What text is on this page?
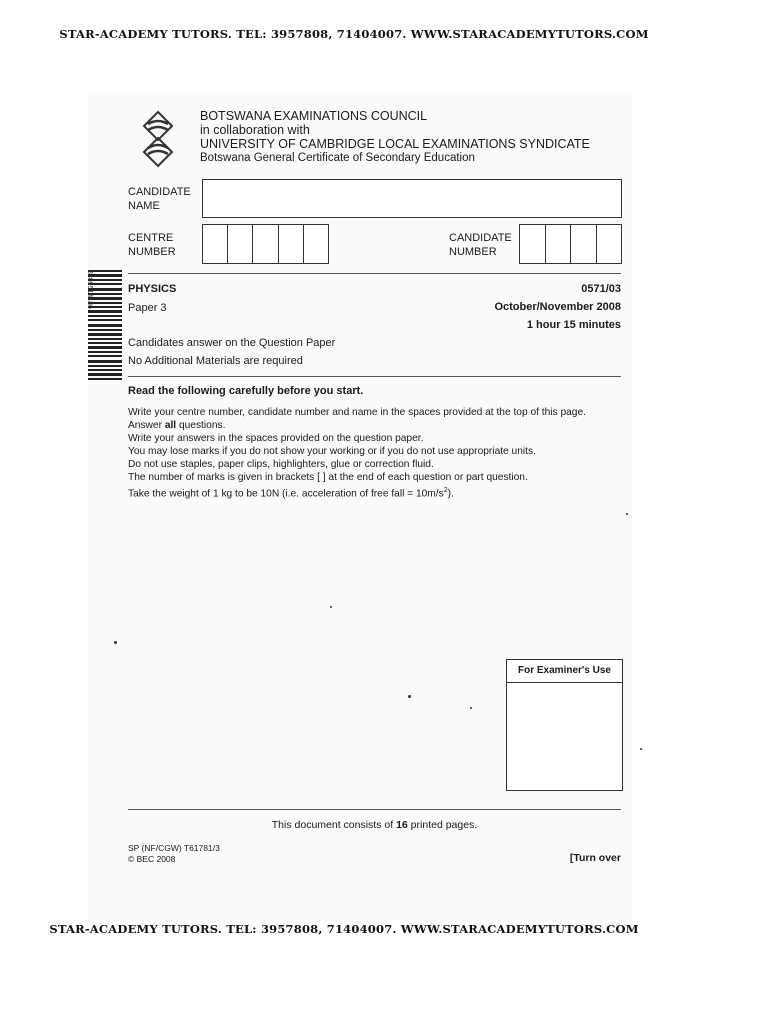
STAR-ACADEMY TUTORS. TEL: 3957808, 71404007. WWW.STARACADEMYTUTORS.COM
BOTSWANA EXAMINATIONS COUNCIL
in collaboration with
UNIVERSITY OF CAMBRIDGE LOCAL EXAMINATIONS SYNDICATE
Botswana General Certificate of Secondary Education
CANDIDATE
NAME
CENTRE
NUMBER
CANDIDATE
NUMBER
8309514186	PHYSICS
Paper 3
0571/03
October/November 2008
1 hour 15 minutes
Candidates answer on the Question Paper
No Additional Materials are required
Read the following carefully before you start.
Write your centre number, candidate number and name in the spaces provided at the top of this page.
Answer all questions.
Write your answers in the spaces provided on the question paper.
You may lose marks if you do not show your working or if you do not use appropriate units.
Do not use staples, paper clips, highlighters, glue or correction fluid.
The number of marks is given in brackets [ ] at the end of each question or part question.
Take the weight of 1 kg to be 10N (i.e. acceleration of free fall = $10m/s^2$).
For Examiner's Use
This document consists of 16 printed pages.
SP (NF/CGW) T61781/3
© BEC 2008	[Turn over
STAR-ACADEMY TUTORS. TEL: 3957808, 71404007. WWW.STARACADEMYTUTORS.COM
